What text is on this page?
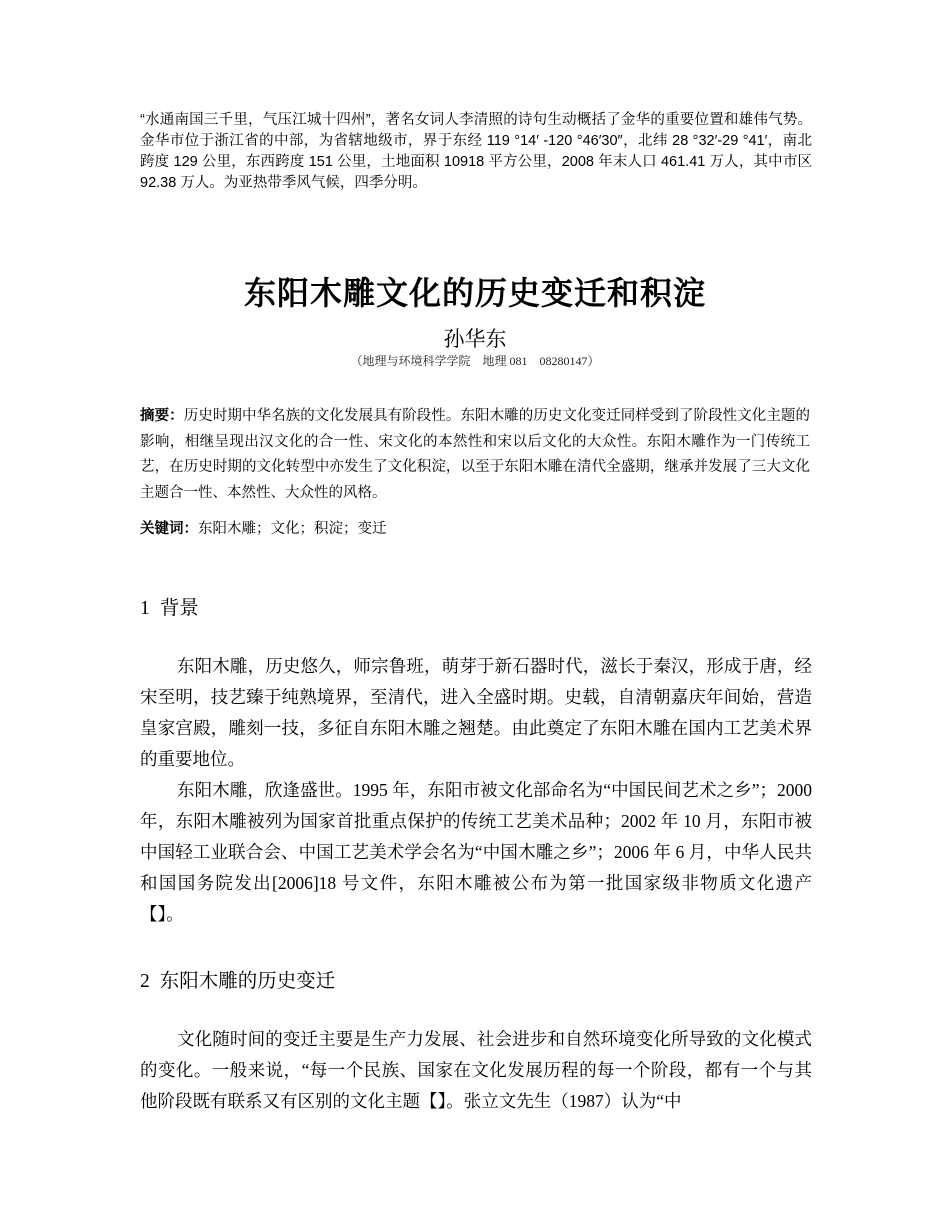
“水通南国三千里，气压江城十四州”，著名女词人李清照的诗句生动概括了金华的重要位置和雄伟气势。金华市位于浙江省的中部，为省辖地级市，界于东经 119 °14′ -120 °46′30″，北纬 28 °32′-29 °41′，南北跨度 129 公里，东西跨度 151 公里，土地面积 10918 平方公里，2008 年末人口 461.41 万人，其中市区 92.38 万人。为亚热带季风气候，四季分明。
东阳木雕文化的历史变迁和积淀
孙华东
（地理与环境科学学院　地理 081　08280147）
摘要：历史时期中华名族的文化发展具有阶段性。东阳木雕的历史文化变迁同样受到了阶段性文化主题的影响，相继呈现出汉文化的合一性、宋文化的本然性和宋以后文化的大众性。东阳木雕作为一门传统工艺，在历史时期的文化转型中亦发生了文化积淀，以至于东阳木雕在清代全盛期，继承并发展了三大文化主题合一性、本然性、大众性的风格。
关键词：东阳木雕；文化；积淀；变迁
1 背景
东阳木雕，历史悠久，师宗鲁班，萌芽于新石器时代，滋长于秦汉，形成于唐，经宋至明，技艺臻于纯熟境界，至清代，进入全盛时期。史载，自清朝嘉庆年间始，营造皇家宫殿，雕刻一技，多征自东阳木雕之翘楚。由此奠定了东阳木雕在国内工艺美术界的重要地位。
东阳木雕，欣逢盛世。1995 年，东阳市被文化部命名为“中国民间艺术之乡”；2000 年，东阳木雕被列为国家首批重点保护的传统工艺美术品种；2002 年 10 月，东阳市被中国轻工业联合会、中国工艺美术学会名为“中国木雕之乡”；2006 年 6 月，中华人民共和国国务院发出[2006]18 号文件，东阳木雕被公布为第一批国家级非物质文化遗产【】。
2 东阳木雕的历史变迁
文化随时间的变迁主要是生产力发展、社会进步和自然环境变化所导致的文化模式的变化。一般来说，“每一个民族、国家在文化发展历程的每一个阶段，都有一个与其他阶段既有联系又有区别的文化主题【】。张立文先生（1987）认为“中
